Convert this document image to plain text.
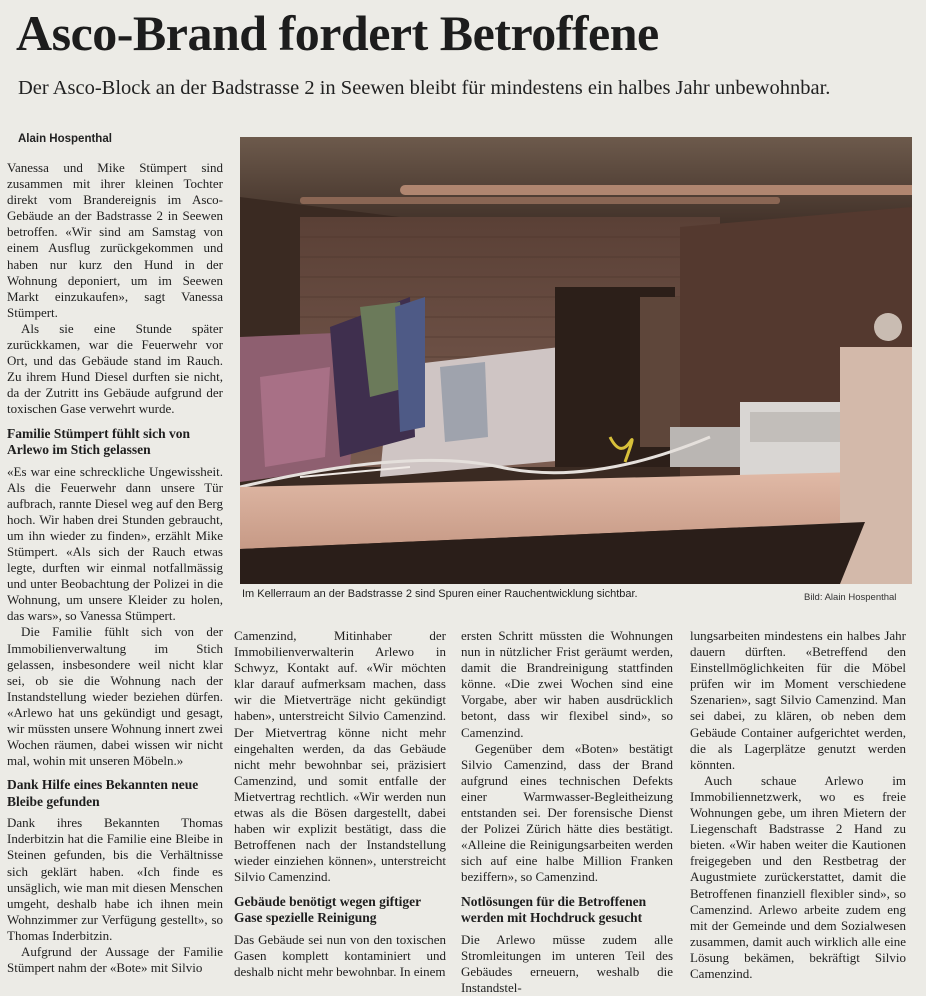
Asco-Brand fordert Betroffene
Der Asco-Block an der Badstrasse 2 in Seewen bleibt für mindestens ein halbes Jahr unbewohnbar.
Alain Hospenthal
Im Kellerraum an der Badstrasse 2 sind Spuren einer Rauchentwicklung sichtbar.	Bild: Alain Hospenthal

Vanessa und Mike Stümpert sind zusammen mit ihrer kleinen Tochter direkt vom Brandereignis im Asco-Gebäude an der Badstrasse 2 in Seewen betroffen. «Wir sind am Samstag von einem Ausflug zurückgekommen und haben nur kurz den Hund in der Wohnung deponiert, um im Seewen Markt einzukaufen», sagt Vanessa Stümpert.

Als sie eine Stunde später zurückkamen, war die Feuerwehr vor Ort, und das Gebäude stand im Rauch. Zu ihrem Hund Diesel durften sie nicht, da der Zutritt ins Gebäude aufgrund der toxischen Gase verwehrt wurde.

Familie Stümpert fühlt sich von Arlewo im Stich gelassen

«Es war eine schreckliche Ungewissheit. Als die Feuerwehr dann unsere Tür aufbrach, rannte Diesel weg auf den Berg hoch. Wir haben drei Stunden gebraucht, um ihn wieder zu finden», erzählt Mike Stümpert. «Als sich der Rauch etwas legte, durften wir einmal notfallmässig und unter Beobachtung der Polizei in die Wohnung, um unsere Kleider zu holen, das wars», so Vanessa Stümpert.

Die Familie fühlt sich von der Immobilienverwaltung im Stich gelassen, insbesondere weil nicht klar sei, ob sie die Wohnung nach der Instandstellung wieder beziehen dürfen. «Arlewo hat uns gekündigt und gesagt, wir müssten unsere Wohnung innert zwei Wochen räumen, dabei wissen wir nicht mal, wohin mit unseren Möbeln.»

Dank Hilfe eines Bekannten neue Bleibe gefunden

Dank ihres Bekannten Thomas Inderbitzin hat die Familie eine Bleibe in Steinen gefunden, bis die Verhältnisse sich geklärt haben. «Ich finde es unsäglich, wie man mit diesen Menschen umgeht, deshalb habe ich ihnen mein Wohnzimmer zur Verfügung gestellt», so Thomas Inderbitzin.

Aufgrund der Aussage der Familie Stümpert nahm der «Bote» mit Silvio

Camenzind, Mitinhaber der Immobilienverwalterin Arlewo in Schwyz, Kontakt auf. «Wir möchten klar darauf aufmerksam machen, dass wir die Mietverträge nicht gekündigt haben», unterstreicht Silvio Camenzind. Der Mietvertrag könne nicht mehr eingehalten werden, da das Gebäude nicht mehr bewohnbar sei, präzisiert Camenzind, und somit entfalle der Mietvertrag rechtlich. «Wir werden nun etwas als die Bösen dargestellt, dabei haben wir explizit bestätigt, dass die Betroffenen nach der Instandstellung wieder einziehen können», unterstreicht Silvio Camenzind.

Gebäude benötigt wegen giftiger Gase spezielle Reinigung

Das Gebäude sei nun von den toxischen Gasen komplett kontaminiert und deshalb nicht mehr bewohnbar. In einem

ersten Schritt müssten die Wohnungen nun in nützlicher Frist geräumt werden, damit die Brandreinigung stattfinden könne. «Die zwei Wochen sind eine Vorgabe, aber wir haben ausdrücklich betont, dass wir flexibel sind», so Camenzind.

Gegenüber dem «Boten» bestätigt Silvio Camenzind, dass der Brand aufgrund eines technischen Defekts einer Warmwasser-Begleitheizung entstanden sei. Der forensische Dienst der Polizei Zürich hätte dies bestätigt. «Alleine die Reinigungsarbeiten werden sich auf eine halbe Million Franken beziffern», so Camenzind.

Notlösungen für die Betroffenen werden mit Hochdruck gesucht

Die Arlewo müsse zudem alle Stromleitungen im unteren Teil des Gebäudes erneuern, weshalb die Instandstel-

lungsarbeiten mindestens ein halbes Jahr dauern dürften. «Betreffend den Einstellmöglichkeiten für die Möbel prüfen wir im Moment verschiedene Szenarien», sagt Silvio Camenzind. Man sei dabei, zu klären, ob neben dem Gebäude Container aufgerichtet werden, die als Lagerplätze genutzt werden könnten.

Auch schaue Arlewo im Immobiliennetzwerk, wo es freie Wohnungen gebe, um ihren Mietern der Liegenschaft Badstrasse 2 Hand zu bieten. «Wir haben weiter die Kautionen freigegeben und den Restbetrag der Augustmiete zurückerstattet, damit die Betroffenen finanziell flexibler sind», so Camenzind. Arlewo arbeite zudem eng mit der Gemeinde und dem Sozialwesen zusammen, damit auch wirklich alle eine Lösung bekämen, bekräftigt Silvio Camenzind.
